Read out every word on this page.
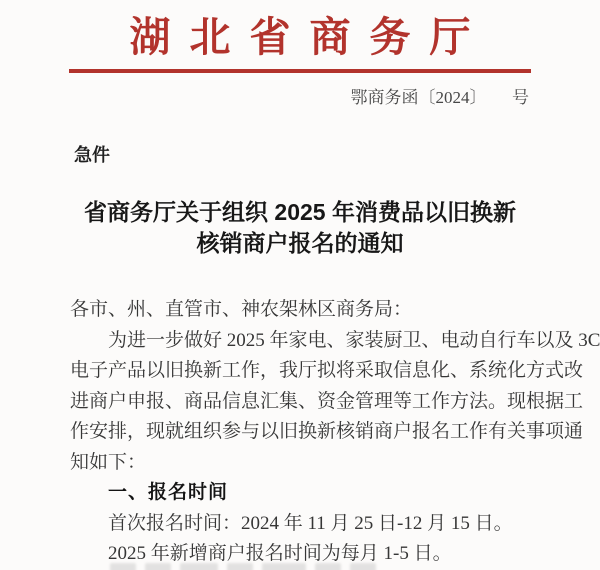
湖北省商务厅
鄂商务函〔2024〕　　号
急件
省商务厅关于组织 2025 年消费品以旧换新
核销商户报名的通知
各市、州、直管市、神农架林区商务局：
为进一步做好 2025 年家电、家装厨卫、电动自行车以及 3C
电子产品以旧换新工作，我厅拟将采取信息化、系统化方式改
进商户申报、商品信息汇集、资金管理等工作方法。现根据工
作安排，现就组织参与以旧换新核销商户报名工作有关事项通
知如下：
一、报名时间
首次报名时间：2024 年 11 月 25 日-12 月 15 日。
2025 年新增商户报名时间为每月 1-5 日。
